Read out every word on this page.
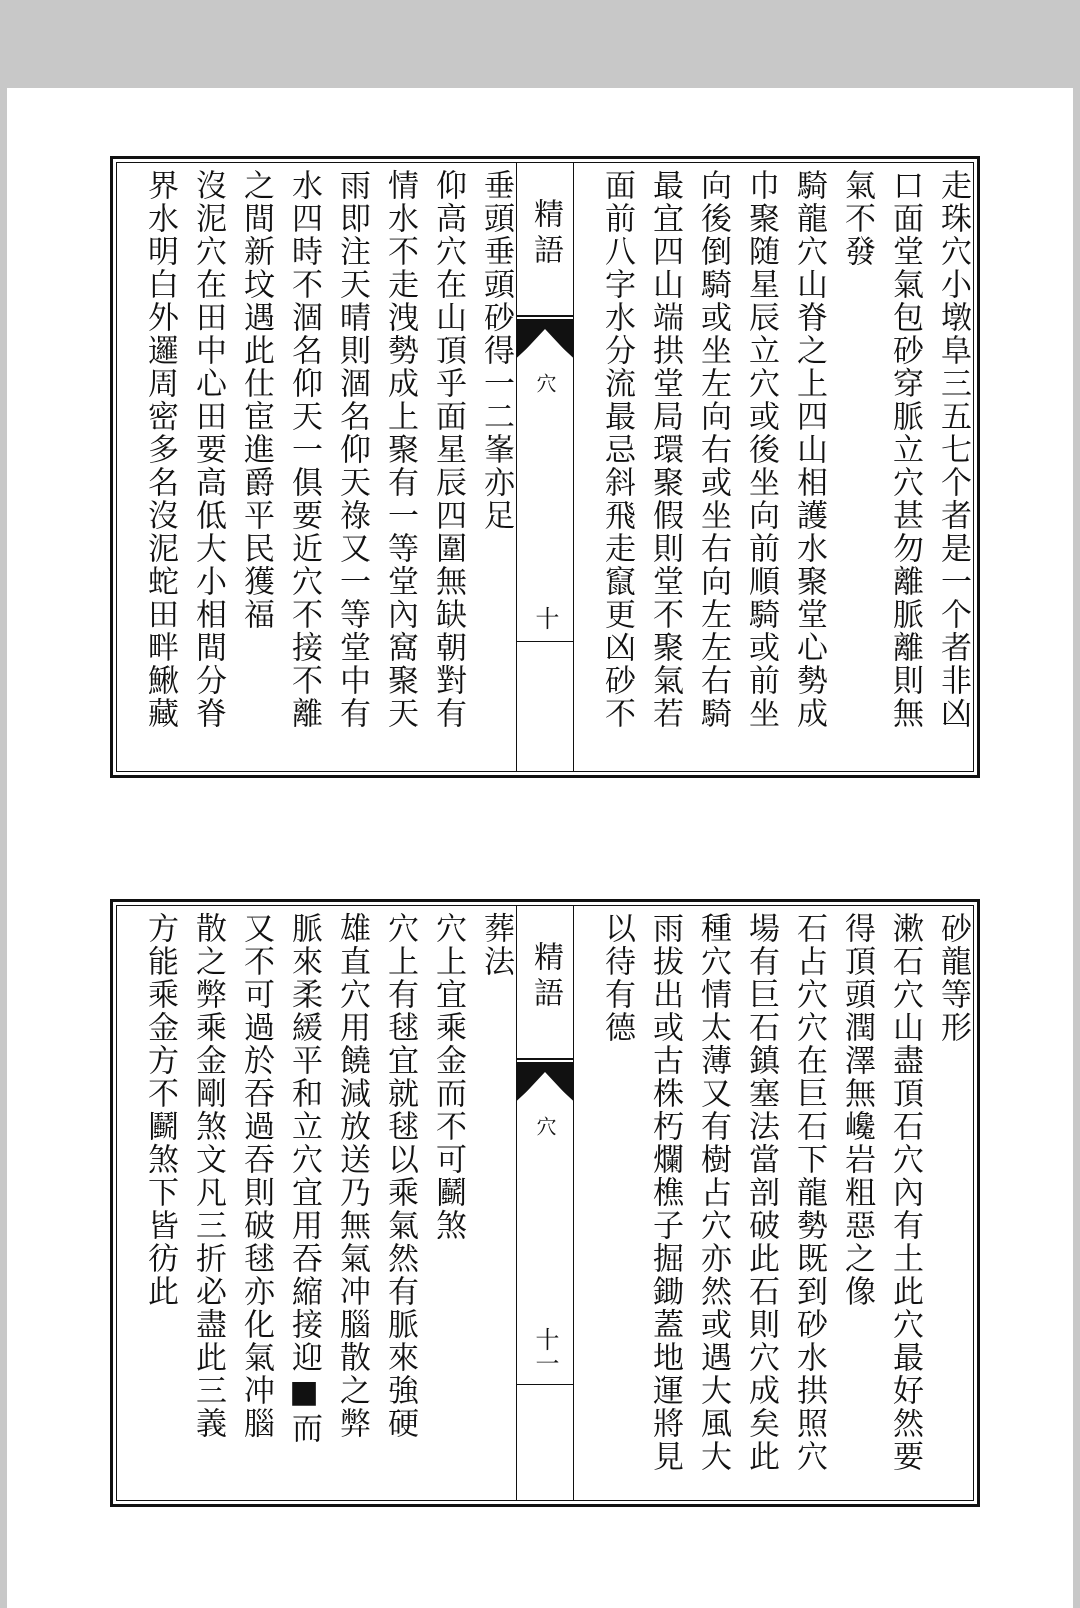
走珠穴小墩阜三五七个者是一个者非凶
口面堂氣包砂穿脈立穴甚勿離脈離則無
氣不發
騎龍穴山脊之上四山相護水聚堂心勢成
巾聚随星辰立穴或後坐向前順騎或前坐
向後倒騎或坐左向右或坐右向左左右騎
最宜四山端拱堂局環聚假則堂不聚氣若
面前八字水分流最忌斜飛走竄更凶砂不
精語
穴
十
垂頭垂頭砂得一二峯亦足
仰高穴在山頂乎面星辰四圍無缺朝對有
情水不走洩勢成上聚有一等堂內窩聚天
雨即注天晴則涸名仰天祿又一等堂中有
水四時不涸名仰天一俱要近穴不接不離
之間新坟遇此仕宦進爵平民獲福
沒泥穴在田中心田要高低大小相間分脊
界水明白外邏周密多名沒泥蛇田畔鰍藏
砂龍等形
漱石穴山盡頂石穴內有土此穴最好然要
得頂頭潤澤無巉岩粗惡之像
石占穴穴在巨石下龍勢既到砂水拱照穴
場有巨石鎮塞法當剖破此石則穴成矣此
種穴情太薄又有樹占穴亦然或遇大風大
雨拔出或古株朽爛樵子掘鋤蓋地運將見
以待有德
精語
穴
十一
葬法
穴上宜乘金而不可鬬煞
穴上有毬宜就毬以乘氣然有脈來強硬
雄直穴用饒減放送乃無氣冲腦散之弊
脈來柔緩平和立穴宜用吞縮接迎■而
又不可過於吞過吞則破毬亦化氣冲腦
散之弊乘金剛煞文凡三折必盡此三義
方能乘金方不鬬煞下皆彷此
